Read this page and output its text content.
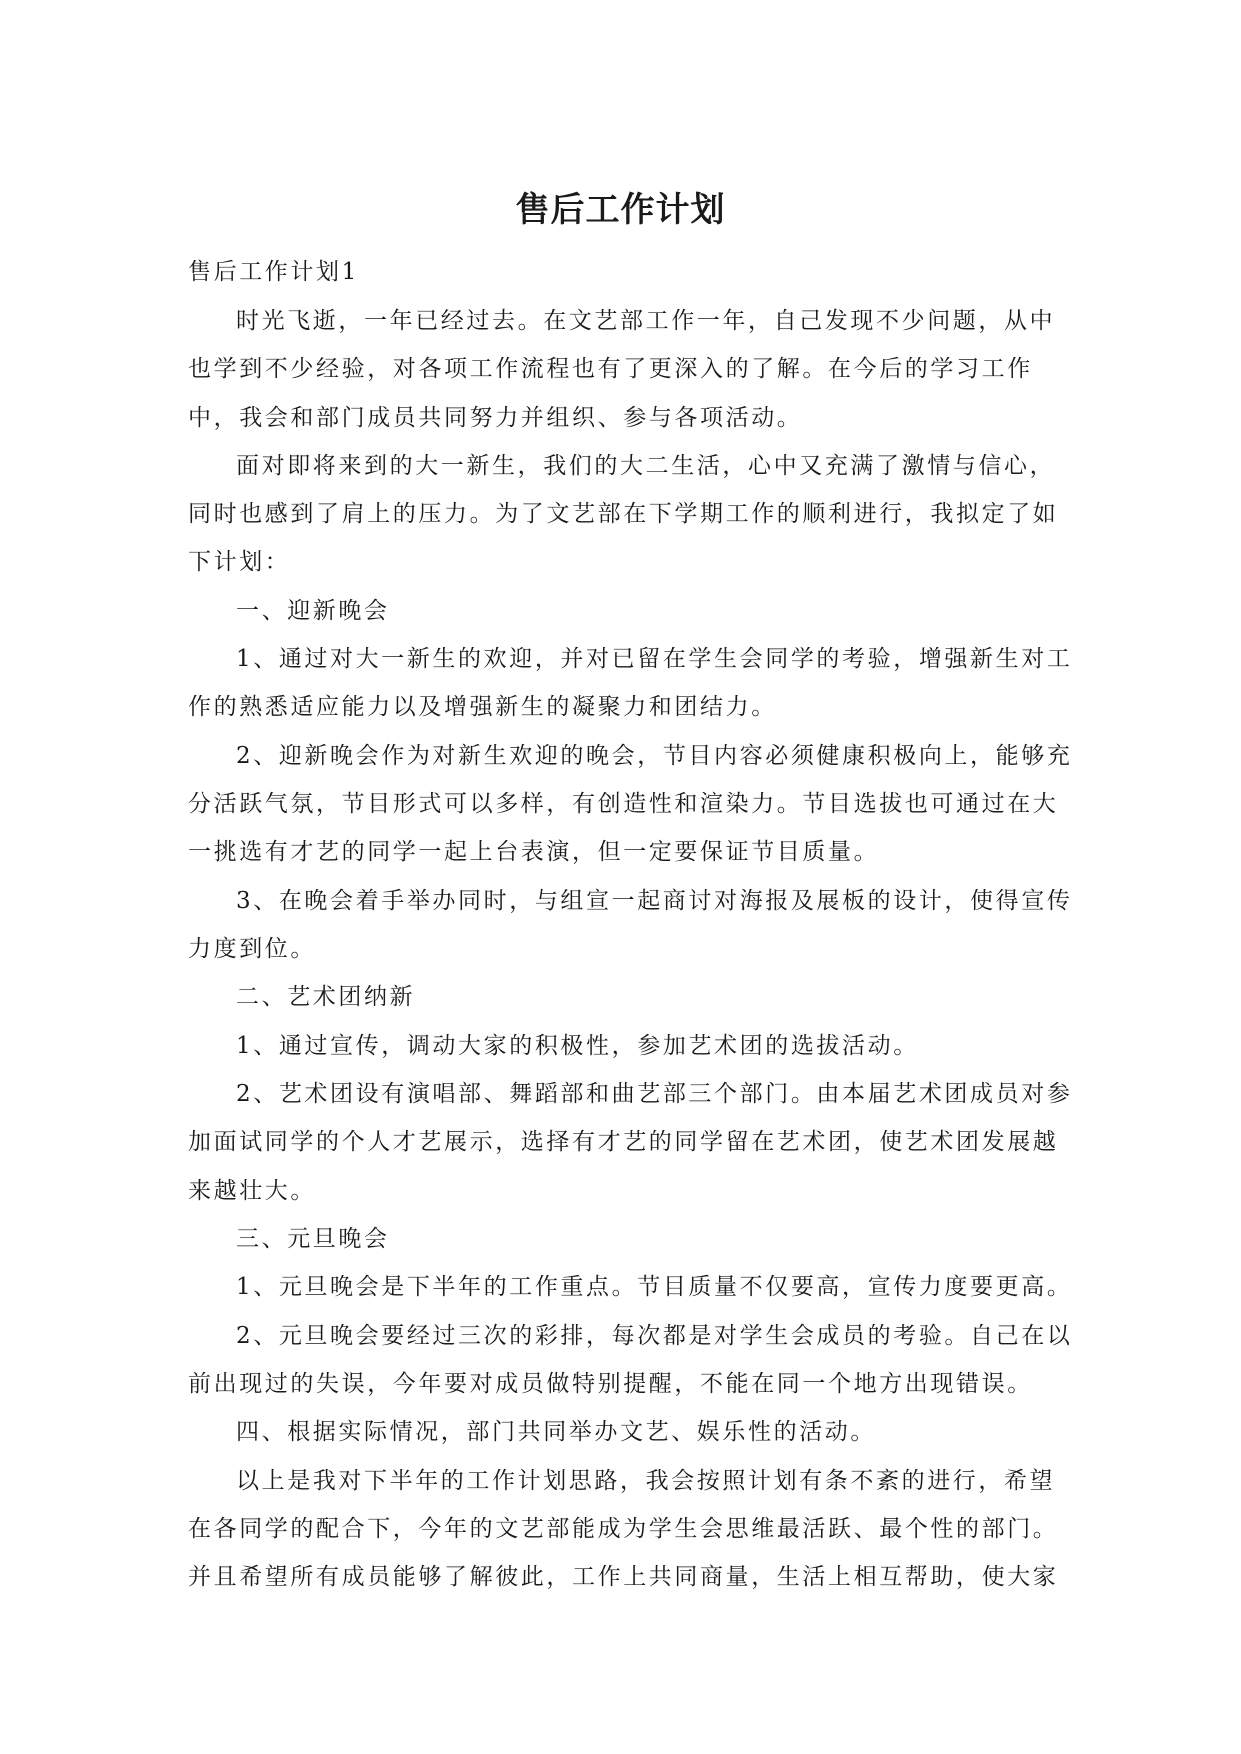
售后工作计划
售后工作计划1
时光飞逝，一年已经过去。在文艺部工作一年，自己发现不少问题，从中
也学到不少经验，对各项工作流程也有了更深入的了解。在今后的学习工作
中，我会和部门成员共同努力并组织、参与各项活动。
面对即将来到的大一新生，我们的大二生活，心中又充满了激情与信心，
同时也感到了肩上的压力。为了文艺部在下学期工作的顺利进行，我拟定了如
下计划：
一、迎新晚会
1、通过对大一新生的欢迎，并对已留在学生会同学的考验，增强新生对工
作的熟悉适应能力以及增强新生的凝聚力和团结力。
2、迎新晚会作为对新生欢迎的晚会，节目内容必须健康积极向上，能够充
分活跃气氛，节目形式可以多样，有创造性和渲染力。节目选拔也可通过在大
一挑选有才艺的同学一起上台表演，但一定要保证节目质量。
3、在晚会着手举办同时，与组宣一起商讨对海报及展板的设计，使得宣传
力度到位。
二、艺术团纳新
1、通过宣传，调动大家的积极性，参加艺术团的选拔活动。
2、艺术团设有演唱部、舞蹈部和曲艺部三个部门。由本届艺术团成员对参
加面试同学的个人才艺展示，选择有才艺的同学留在艺术团，使艺术团发展越
来越壮大。
三、元旦晚会
1、元旦晚会是下半年的工作重点。节目质量不仅要高，宣传力度要更高。
2、元旦晚会要经过三次的彩排，每次都是对学生会成员的考验。自己在以
前出现过的失误，今年要对成员做特别提醒，不能在同一个地方出现错误。
四、根据实际情况，部门共同举办文艺、娱乐性的活动。
以上是我对下半年的工作计划思路，我会按照计划有条不紊的进行，希望
在各同学的配合下，今年的文艺部能成为学生会思维最活跃、最个性的部门。
并且希望所有成员能够了解彼此，工作上共同商量，生活上相互帮助，使大家
